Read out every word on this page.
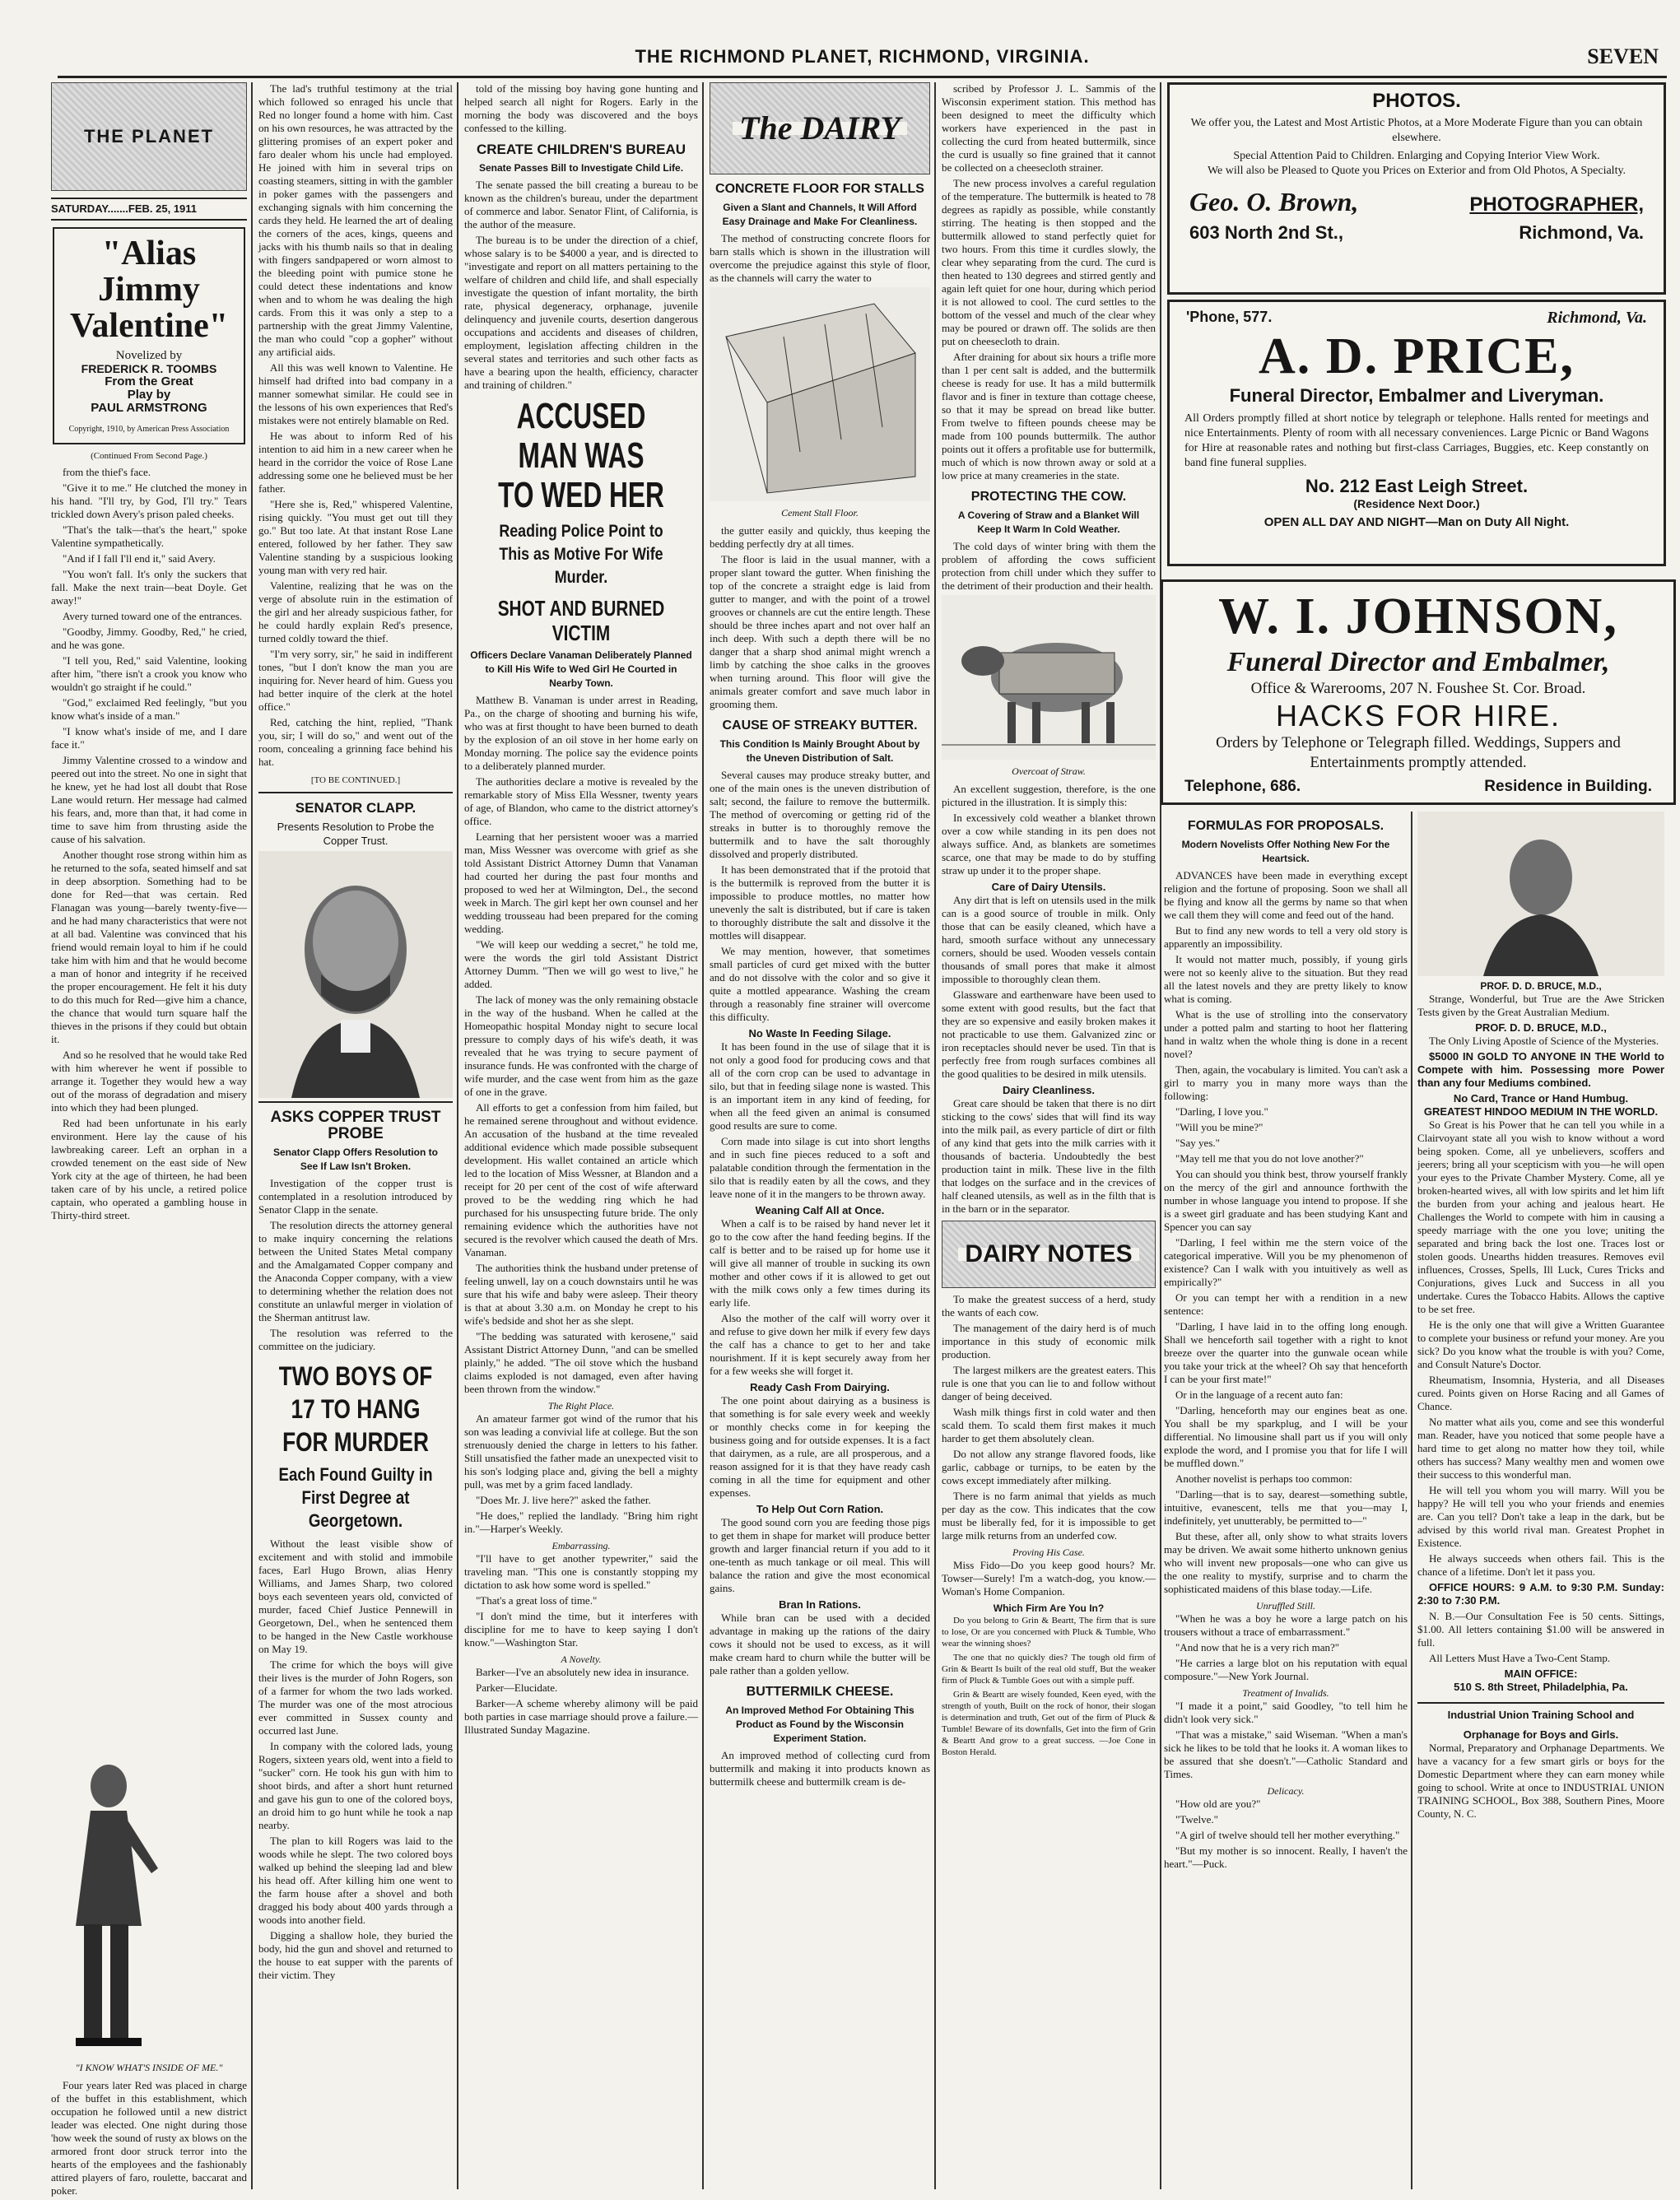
THE RICHMOND PLANET, RICHMOND, VIRGINIA.	SEVEN
THE PLANET
SATURDAY.......FEB. 25, 1911
"Alias Jimmy Valentine"
Novelized by
FREDERICK R. TOOMBS
From the Great
Play by
PAUL ARMSTRONG
Copyright, 1910, by American Press Association
(Continued From Second Page.)

from the thief's face.

"Give it to me." He clutched the money in his hand. "I'll try, by God, I'll try." Tears trickled down Avery's prison paled cheeks.

"That's the talk—that's the heart," spoke Valentine sympathetically.

"And if I fall I'll end it," said Avery.

"You won't fall. It's only the suckers that fall. Make the next train—beat Doyle. Get away!"

Avery turned toward one of the entrances.

"Goodby, Jimmy. Goodby, Red," he cried, and he was gone.

"I tell you, Red," said Valentine, looking after him, "there isn't a crook you know who wouldn't go straight if he could."

"God," exclaimed Red feelingly, "but you know what's inside of a man."

"I know what's inside of me, and I dare face it."

Jimmy Valentine crossed to a window and peered out into the street. No one in sight that he knew, yet he had lost all doubt that Rose Lane would return. Her message had calmed his fears, and, more than that, it had come in time to save him from thrusting aside the cause of his salvation.

Another thought rose strong within him as he returned to the sofa, seated himself and sat in deep absorption. Something had to be done for Red—that was certain. Red Flanagan was young—barely twenty-five—and he had many characteristics that were not at all bad. Valentine was convinced that his friend would remain loyal to him if he could take him with him and that he would become a man of honor and integrity if he received the proper encouragement. He felt it his duty to do this much for Red—give him a chance, the chance that would turn square half the thieves in the prisons if they could but obtain it.

And so he resolved that he would take Red with him wherever he went if possible to arrange it. Together they would hew a way out of the morass of degradation and misery into which they had been plunged.

Red had been unfortunate in his early environment. Here lay the cause of his lawbreaking career. Left an orphan in a crowded tenement on the east side of New York city at the age of thirteen, he had been taken care of by his uncle, a retired police captain, who operated a gambling house in Thirty-third street.

"I KNOW WHAT'S INSIDE OF ME."

Four years later Red was placed in charge of the buffet in this establishment, which occupation he followed until a new district leader was elected. One night during those 'how week the sound of rusty ax blows on the armored front door struck terror into the hearts of the employees and the fashionably attired players of faro, roulette, baccarat and poker.

The lad's truthful testimony at the trial which followed so enraged his uncle that Red no longer found a home with him. Cast on his own resources, he was attracted by the glittering promises of an expert poker and faro dealer whom his uncle had employed. He joined with him in several trips on coasting steamers, sitting in with the gambler in poker games with the passengers and exchanging signals with him concerning the cards they held. He learned the art of dealing the corners of the aces, kings, queens and jacks with his thumb nails so that in dealing with fingers sandpapered or worn almost to the bleeding point with pumice stone he could detect these indentations and know when and to whom he was dealing the high cards. From this it was only a step to a partnership with the great Jimmy Valentine, the man who could "cop a gopher" without any artificial aids.

All this was well known to Valentine. He himself had drifted into bad company in a manner somewhat similar. He could see in the lessons of his own experiences that Red's mistakes were not entirely blamable on Red.

He was about to inform Red of his intention to aid him in a new career when he heard in the corridor the voice of Rose Lane addressing some one he believed must be her father.

"Here she is, Red," whispered Valentine, rising quickly. "You must get out till they go." But too late. At that instant Rose Lane entered, followed by her father. They saw Valentine standing by a suspicious looking young man with very red hair.

Valentine, realizing that he was on the verge of absolute ruin in the estimation of the girl and her already suspicious father, for he could hardly explain Red's presence, turned coldly toward the thief.

"I'm very sorry, sir," he said in indifferent tones, "but I don't know the man you are inquiring for. Never heard of him. Guess you had better inquire of the clerk at the hotel office."

Red, catching the hint, replied, "Thank you, sir; I will do so," and went out of the room, concealing a grinning face behind his hat.

[TO BE CONTINUED.]
SENATOR CLAPP.
Presents Resolution to Probe the Copper Trust.
ASKS COPPER TRUST PROBE
Senator Clapp Offers Resolution to See If Law Isn't Broken.

Investigation of the copper trust is contemplated in a resolution introduced by Senator Clapp in the senate.

The resolution directs the attorney general to make inquiry concerning the relations between the United States Metal company and the Amalgamated Copper company and the Anaconda Copper company, with a view to determining whether the relation does not constitute an unlawful merger in violation of the Sherman antitrust law.

The resolution was referred to the committee on the judiciary.

TWO BOYS OF 17 TO HANG FOR MURDER
Each Found Guilty in First Degree at Georgetown.

Without the least visible show of excitement and with stolid and immobile faces, Earl Hugo Brown, alias Henry Williams, and James Sharp, two colored boys each seventeen years old, convicted of murder, faced Chief Justice Pennewill in Georgetown, Del., when he sentenced them to be hanged in the New Castle workhouse on May 19.

The crime for which the boys will give their lives is the murder of John Rogers, son of a farmer for whom the two lads worked. The murder was one of the most atrocious ever committed in Sussex county and occurred last June.

In company with the colored lads, young Rogers, sixteen years old, went into a field to "sucker" corn. He took his gun with him to shoot birds, and after a short hunt returned and gave his gun to one of the colored boys, an droid him to go hunt while he took a nap nearby.

The plan to kill Rogers was laid to the woods while he slept. The two colored boys walked up behind the sleeping lad and blew his head off. After killing him one went to the farm house after a shovel and both dragged his body about 400 yards through a woods into another field.

Digging a shallow hole, they buried the body, hid the gun and shovel and returned to the house to eat supper with the parents of their victim. They

told of the missing boy having gone hunting and helped search all night for Rogers. Early in the morning the body was discovered and the boys confessed to the killing.

CREATE CHILDREN'S BUREAU
Senate Passes Bill to Investigate Child Life.

The senate passed the bill creating a bureau to be known as the children's bureau, under the department of commerce and labor. Senator Flint, of California, is the author of the measure.

The bureau is to be under the direction of a chief, whose salary is to be $4000 a year, and is directed to "investigate and report on all matters pertaining to the welfare of children and child life, and shall especially investigate the question of infant mortality, the birth rate, physical degeneracy, orphanage, juvenile delinquency and juvenile courts, desertion dangerous occupations and accidents and diseases of children, employment, legislation affecting children in the several states and territories and such other facts as have a bearing upon the health, efficiency, character and training of children."

ACCUSED MAN WAS TO WED HER
Reading Police Point to This as Motive For Wife Murder.
SHOT AND BURNED VICTIM
Officers Declare Vanaman Deliberately Planned to Kill His Wife to Wed Girl He Courted in Nearby Town.

Matthew B. Vanaman is under arrest in Reading, Pa., on the charge of shooting and burning his wife, who was at first thought to have been burned to death by the explosion of an oil stove in her home early on Monday morning. The police say the evidence points to a deliberately planned murder.

The authorities declare a motive is revealed by the remarkable story of Miss Ella Wessner, twenty years of age, of Blandon, who came to the district attorney's office.

Learning that her persistent wooer was a married man, Miss Wessner was overcome with grief as she told Assistant District Attorney Dumn that Vanaman had courted her during the past four months and proposed to wed her at Wilmington, Del., the second week in March. The girl kept her own counsel and her wedding trousseau had been prepared for the coming wedding.

"We will keep our wedding a secret," he told me, were the words the girl told Assistant District Attorney Dumm. "Then we will go west to live," he added.

The lack of money was the only remaining obstacle in the way of the husband. When he called at the Homeopathic hospital Monday night to secure local pressure to comply days of his wife's death, it was revealed that he was trying to secure payment of insurance funds. He was confronted with the charge of wife murder, and the case went from him as the gaze of one in the grave.

All efforts to get a confession from him failed, but he remained serene throughout and without evidence. An accusation of the husband at the time revealed additional evidence which made possible subsequent development. His wallet contained an article which led to the location of Miss Wessner, at Blandon and a receipt for 20 per cent of the cost of wife afterward proved to be the wedding ring which he had purchased for his unsuspecting future bride. The only remaining evidence which the authorities have not secured is the revolver which caused the death of Mrs. Vanaman.

The authorities think the husband under pretense of feeling unwell, lay on a couch downstairs until he was sure that his wife and baby were asleep. Their theory is that at about 3.30 a.m. on Monday he crept to his wife's bedside and shot her as she slept.

"The bedding was saturated with kerosene," said Assistant District Attorney Dunn, "and can be smelled plainly," he added. "The oil stove which the husband claims exploded is not damaged, even after having been thrown from the window."

The Right Place.

An amateur farmer got wind of the rumor that his son was leading a convivial life at college. But the son strenuously denied the charge in letters to his father. Still unsatisfied the father made an unexpected visit to his son's lodging place and, giving the bell a mighty pull, was met by a grim faced landlady.

"Does Mr. J. live here?" asked the father.

"He does," replied the landlady. "Bring him right in."—Harper's Weekly.

Embarrassing.

"I'll have to get another typewriter," said the traveling man. "This one is constantly stopping my dictation to ask how some word is spelled."

"That's a great loss of time."

"I don't mind the time, but it interferes with discipline for me to have to keep saying I don't know."—Washington Star.

A Novelty.

Barker—I've an absolutely new idea in insurance.

Parker—Elucidate.

Barker—A scheme whereby alimony will be paid both parties in case marriage should prove a failure.—Illustrated Sunday Magazine.

The DAIRY
CONCRETE FLOOR FOR STALLS
Given a Slant and Channels, It Will Afford Easy Drainage and Make For Cleanliness.

The method of constructing concrete floors for barn stalls which is shown in the illustration will overcome the prejudice against this style of floor, as the channels will carry the water to

Cement Stall Floor.

the gutter easily and quickly, thus keeping the bedding perfectly dry at all times.

The floor is laid in the usual manner, with a proper slant toward the gutter. When finishing the top of the concrete a straight edge is laid from gutter to manger, and with the point of a trowel grooves or channels are cut the entire length. These should be three inches apart and not over half an inch deep. With such a depth there will be no danger that a sharp shod animal might wrench a limb by catching the shoe calks in the grooves when turning around. This floor will give the animals greater comfort and save much labor in grooming them.

CAUSE OF STREAKY BUTTER.
This Condition Is Mainly Brought About by the Uneven Distribution of Salt.

Several causes may produce streaky butter, and one of the main ones is the uneven distribution of salt; second, the failure to remove the buttermilk. The method of overcoming or getting rid of the streaks in butter is to thoroughly remove the buttermilk and to have the salt thoroughly dissolved and properly distributed.

It has been demonstrated that if the protoid that is the buttermilk is reproved from the butter it is impossible to produce mottles, no matter how unevenly the salt is distributed, but if care is taken to thoroughly distribute the salt and dissolve it the mottles will disappear.

We may mention, however, that sometimes small particles of curd get mixed with the butter and do not dissolve with the color and so give it quite a mottled appearance. Washing the cream through a reasonably fine strainer will overcome this difficulty.

No Waste In Feeding Silage.

It has been found in the use of silage that it is not only a good food for producing cows and that all of the corn crop can be used to advantage in silo, but that in feeding silage none is wasted. This is an important item in any kind of feeding, for when all the feed given an animal is consumed good results are sure to come.

Corn made into silage is cut into short lengths and in such fine pieces reduced to a soft and palatable condition through the fermentation in the silo that is readily eaten by all the cows, and they leave none of it in the mangers to be thrown away.

Weaning Calf All at Once.

When a calf is to be raised by hand never let it go to the cow after the hand feeding begins. If the calf is better and to be raised up for home use it will give all manner of trouble in sucking its own mother and other cows if it is allowed to get out with the milk cows only a few times during its early life.

Also the mother of the calf will worry over it and refuse to give down her milk if every few days the calf has a chance to get to her and take nourishment. If it is kept securely away from her for a few weeks she will forget it.

Ready Cash From Dairying.

The one point about dairying as a business is that something is for sale every week and weekly or monthly checks come in for keeping the business going and for outside expenses. It is a fact that dairymen, as a rule, are all prosperous, and a reason assigned for it is that they have ready cash coming in all the time for equipment and other expenses.

To Help Out Corn Ration.

The good sound corn you are feeding those pigs to get them in shape for market will produce better growth and larger financial return if you add to it one-tenth as much tankage or oil meal. This will balance the ration and give the most economical gains.

Bran In Rations.

While bran can be used with a decided advantage in making up the rations of the dairy cows it should not be used to excess, as it will make cream hard to churn while the butter will be pale rather than a golden yellow.

BUTTERMILK CHEESE.
An Improved Method For Obtaining This Product as Found by the Wisconsin Experiment Station.

An improved method of collecting curd from buttermilk and making it into products known as buttermilk cheese and buttermilk cream is de-

scribed by Professor J. L. Sammis of the Wisconsin experiment station. This method has been designed to meet the difficulty which workers have experienced in the past in collecting the curd from heated buttermilk, since the curd is usually so fine grained that it cannot be collected on a cheesecloth strainer.

The new process involves a careful regulation of the temperature. The buttermilk is heated to 78 degrees as rapidly as possible, while constantly stirring. The heating is then stopped and the buttermilk allowed to stand perfectly quiet for two hours. From this time it curdles slowly, the clear whey separating from the curd. The curd is then heated to 130 degrees and stirred gently and again left quiet for one hour, during which period it is not allowed to cool. The curd settles to the bottom of the vessel and much of the clear whey may be poured or drawn off. The solids are then put on cheesecloth to drain.

After draining for about six hours a trifle more than 1 per cent salt is added, and the buttermilk cheese is ready for use. It has a mild buttermilk flavor and is finer in texture than cottage cheese, so that it may be spread on bread like butter. From twelve to fifteen pounds cheese may be made from 100 pounds buttermilk. The author points out it offers a profitable use for buttermilk, much of which is now thrown away or sold at a low price at many creameries in the state.

PROTECTING THE COW.
A Covering of Straw and a Blanket Will Keep It Warm In Cold Weather.

The cold days of winter bring with them the problem of affording the cows sufficient protection from chill under which they suffer to the detriment of their production and their health.

Overcoat of Straw.

An excellent suggestion, therefore, is the one pictured in the illustration. It is simply this:

In excessively cold weather a blanket thrown over a cow while standing in its pen does not always suffice. And, as blankets are sometimes scarce, one that may be made to do by stuffing straw up under it to the proper shape.

Care of Dairy Utensils.

Any dirt that is left on utensils used in the milk can is a good source of trouble in milk. Only those that can be easily cleaned, which have a hard, smooth surface without any unnecessary corners, should be used. Wooden vessels contain thousands of small pores that make it almost impossible to thoroughly clean them.

Glassware and earthenware have been used to some extent with good results, but the fact that they are so expensive and easily broken makes it not practicable to use them. Galvanized zinc or iron receptacles should never be used. Tin that is perfectly free from rough surfaces combines all the good qualities to be desired in milk utensils.

Dairy Cleanliness.

Great care should be taken that there is no dirt sticking to the cows' sides that will find its way into the milk pail, as every particle of dirt or filth of any kind that gets into the milk carries with it thousands of bacteria. Undoubtedly the best production taint in milk. These live in the filth that lodges on the surface and in the crevices of half cleaned utensils, as well as in the filth that is in the barn or in the separator.

DAIRY NOTES

To make the greatest success of a herd, study the wants of each cow.

The management of the dairy herd is of much importance in this study of economic milk production.

The largest milkers are the greatest eaters. This rule is one that you can lie to and follow without danger of being deceived.

Wash milk things first in cold water and then scald them. To scald them first makes it much harder to get them absolutely clean.

Do not allow any strange flavored foods, like garlic, cabbage or turnips, to be eaten by the cows except immediately after milking.

There is no farm animal that yields as much per day as the cow. This indicates that the cow must be liberally fed, for it is impossible to get large milk returns from an underfed cow.

Proving His Case.

Miss Fido—Do you keep good hours? Mr. Towser—Surely! I'm a watch-dog, you know.—Woman's Home Companion.

Which Firm Are You In?

Do you belong to Grin & Beartt, The firm that is sure to lose, Or are you concerned with Pluck & Tumble, Who wear the winning shoes?

The one that no quickly dies? The tough old firm of Grin & Beartt Is built of the real old stuff, But the weaker firm of Pluck & Tumble Goes out with a simple puff.

Grin & Beartt are wisely founded, Keen eyed, with the strength of youth, Built on the rock of honor, their slogan is determination and truth, Get out of the firm of Pluck & Tumble! Beware of its downfalls, Get into the firm of Grin & Beartt And grow to a great success. —Joe Cone in Boston Herald.

PHOTOS.
We offer you, the Latest and Most Artistic Photos, at a More Moderate Figure than you can obtain elsewhere.
Special Attention Paid to Children. Enlarging and Copying Interior View Work.
We will also be Pleased to Quote you Prices on Exterior and from Old Photos, A Specialty.
Geo. O. Brown,	PHOTOGRAPHER,
603 North 2nd St.,	Richmond, Va.
'Phone, 577.	Richmond, Va.
A. D. PRICE,
Funeral Director, Embalmer and Liveryman.
All Orders promptly filled at short notice by telegraph or telephone. Halls rented for meetings and nice Entertainments. Plenty of room with all necessary conveniences. Large Picnic or Band Wagons for Hire at reasonable rates and nothing but first-class Carriages, Buggies, etc. Keep constantly on band fine funeral supplies.
No. 212 East Leigh Street.
(Residence Next Door.)
OPEN ALL DAY AND NIGHT—Man on Duty All Night.
W. I. JOHNSON,
Funeral Director and Embalmer,
Office & Warerooms, 207 N. Foushee St. Cor. Broad.
HACKS FOR HIRE.
Orders by Telephone or Telegraph filled. Weddings, Suppers and Entertainments promptly attended.
Telephone, 686.	Residence in Building.
FORMULAS FOR PROPOSALS.
Modern Novelists Offer Nothing New For the Heartsick.

ADVANCES have been made in everything except religion and the fortune of proposing. Soon we shall all be flying and know all the germs by name so that when we call them they will come and feed out of the hand.

But to find any new words to tell a very old story is apparently an impossibility.

It would not matter much, possibly, if young girls were not so keenly alive to the situation. But they read all the latest novels and they are pretty likely to know what is coming.

What is the use of strolling into the conservatory under a potted palm and starting to hoot her flattering hand in waltz when the whole thing is done in a recent novel?

Then, again, the vocabulary is limited. You can't ask a girl to marry you in many more ways than the following:

"Darling, I love you."

"Will you be mine?"

"Say yes."

"May tell me that you do not love another?"

You can should you think best, throw yourself frankly on the mercy of the girl and announce forthwith the number in whose language you intend to propose. If she is a sweet girl graduate and has been studying Kant and Spencer you can say

"Darling, I feel within me the stern voice of the categorical imperative. Will you be my phenomenon of existence? Can I walk with you intuitively as well as empirically?"

Or you can tempt her with a rendition in a new sentence:

"Darling, I have laid in to the offing long enough. Shall we henceforth sail together with a right to knot breeze over the quarter into the gunwale ocean while you take your trick at the wheel? Oh say that henceforth I can be your first mate!"

Or in the language of a recent auto fan:

"Darling, henceforth may our engines beat as one. You shall be my sparkplug, and I will be your differential. No limousine shall part us if you will only explode the word, and I promise you that for life I will be muffled down."

Another novelist is perhaps too common:

"Darling—that is to say, dearest—something subtle, intuitive, evanescent, tells me that you—may I, indefinitely, yet unutterably, be permitted to—"

But these, after all, only show to what straits lovers may be driven. We await some hitherto unknown genius who will invent new proposals—one who can give us the one reality to mystify, surprise and to charm the sophisticated maidens of this blase today.—Life.

Unruffled Still.

"When he was a boy he wore a large patch on his trousers without a trace of embarrassment."

"And now that he is a very rich man?"

"He carries a large blot on his reputation with equal composure."—New York Journal.

Treatment of Invalids.

"I made it a point," said Goodley, "to tell him he didn't look very sick."

"That was a mistake," said Wiseman. "When a man's sick he likes to be told that he looks it. A woman likes to be assured that she doesn't."—Catholic Standard and Times.

Delicacy.

"How old are you?"

"Twelve."

"A girl of twelve should tell her mother everything."

"But my mother is so innocent. Really, I haven't the heart."—Puck.

PROF. D. D. BRUCE, M.D.,

Strange, Wonderful, but True are the Awe Stricken Tests given by the Great Australian Medium.

PROF. D. D. BRUCE, M.D.,

The Only Living Apostle of Science of the Mysteries.

$5000 IN GOLD TO ANYONE IN THE World to Compete with him. Possessing more Power than any four Mediums combined.

No Card, Trance or Hand Humbug.
GREATEST HINDOO MEDIUM IN THE WORLD.

So Great is his Power that he can tell you while in a Clairvoyant state all you wish to know without a word being spoken. Come, all ye unbelievers, scoffers and jeerers; bring all your scepticism with you—he will open your eyes to the Private Chamber Mystery. Come, all ye broken-hearted wives, all with low spirits and let him lift the burden from your aching and jealous heart. He Challenges the World to compete with him in causing a speedy marriage with the one you love; uniting the separated and bring back the lost one. Traces lost or stolen goods. Unearths hidden treasures. Removes evil influences, Crosses, Spells, Ill Luck, Cures Tricks and Conjurations, gives Luck and Success in all you undertake. Cures the Tobacco Habits. Allows the captive to be set free.

He is the only one that will give a Written Guarantee to complete your business or refund your money. Are you sick? Do you know what the trouble is with you? Come, and Consult Nature's Doctor.

Rheumatism, Insomnia, Hysteria, and all Diseases cured. Points given on Horse Racing and all Games of Chance.

No matter what ails you, come and see this wonderful man. Reader, have you noticed that some people have a hard time to get along no matter how they toil, while others has success? Many wealthy men and women owe their success to this wonderful man.

He will tell you whom you will marry. Will you be happy? He will tell you who your friends and enemies are. Can you tell? Don't take a leap in the dark, but be advised by this world rival man. Greatest Prophet in Existence.

He always succeeds when others fail. This is the chance of a lifetime. Don't let it pass you.

OFFICE HOURS: 9 A.M. to 9:30 P.M. Sunday: 2:30 to 7:30 P.M.

N. B.—Our Consultation Fee is 50 cents. Sittings, $1.00. All letters containing $1.00 will be answered in full.

All Letters Must Have a Two-Cent Stamp.

MAIN OFFICE:
510 S. 8th Street, Philadelphia, Pa.
Industrial Union Training School and
Orphanage for Boys and Girls.

Normal, Preparatory and Orphanage Departments. We have a vacancy for a few smart girls or boys for the Domestic Department where they can earn money while going to school. Write at once to INDUSTRIAL UNION TRAINING SCHOOL, Box 388, Southern Pines, Moore County, N. C.
